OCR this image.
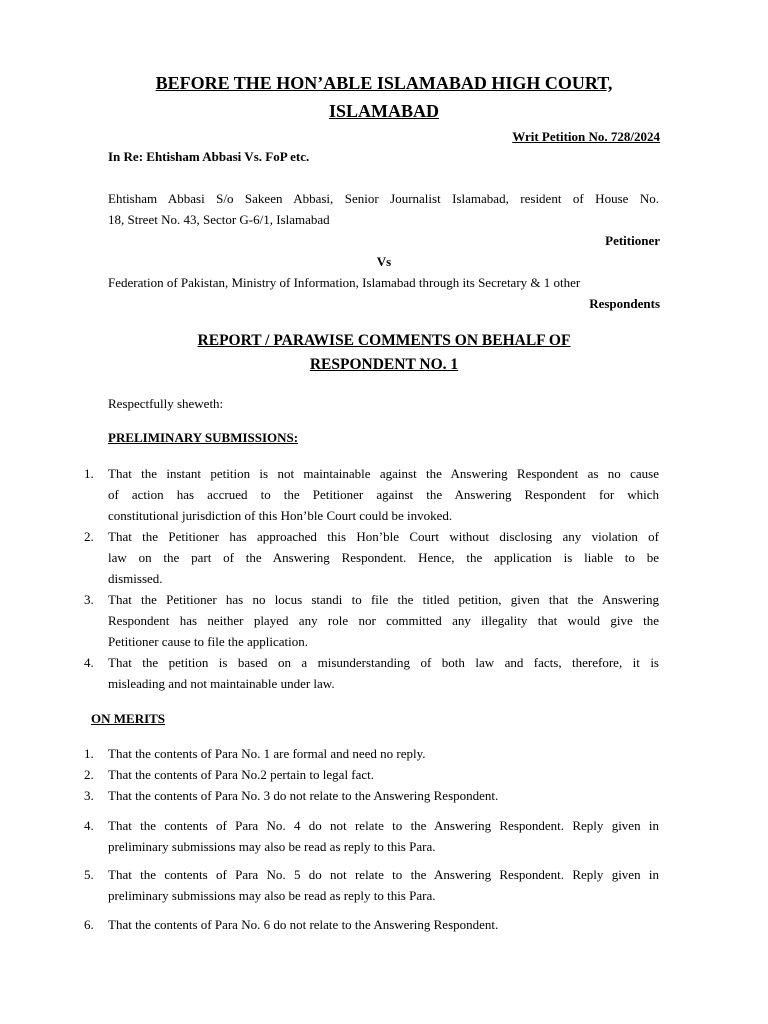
BEFORE THE HON’ABLE ISLAMABAD HIGH COURT,
ISLAMABAD
Writ Petition No. 728/2024
In Re: Ehtisham Abbasi Vs. FoP etc.
Ehtisham Abbasi S/o Sakeen Abbasi, Senior Journalist Islamabad, resident of House No.
18, Street No. 43, Sector G-6/1, Islamabad
Petitioner
Vs
Federation of Pakistan, Ministry of Information, Islamabad through its Secretary & 1 other
Respondents
REPORT / PARAWISE COMMENTS ON BEHALF OF
RESPONDENT NO. 1
Respectfully sheweth:
PRELIMINARY SUBMISSIONS:
1. That the instant petition is not maintainable against the Answering Respondent as no cause
of action has accrued to the Petitioner against the Answering Respondent for which
constitutional jurisdiction of this Hon’ble Court could be invoked.
2. That the Petitioner has approached this Hon’ble Court without disclosing any violation of
law on the part of the Answering Respondent. Hence, the application is liable to be
dismissed.
3. That the Petitioner has no locus standi to file the titled petition, given that the Answering
Respondent has neither played any role nor committed any illegality that would give the
Petitioner cause to file the application.
4. That the petition is based on a misunderstanding of both law and facts, therefore, it is
misleading and not maintainable under law.
ON MERITS
1. That the contents of Para No. 1 are formal and need no reply.
2. That the contents of Para No.2 pertain to legal fact.
3. That the contents of Para No. 3 do not relate to the Answering Respondent.
4. That the contents of Para No. 4 do not relate to the Answering Respondent. Reply given in
preliminary submissions may also be read as reply to this Para.
5. That the contents of Para No. 5 do not relate to the Answering Respondent. Reply given in
preliminary submissions may also be read as reply to this Para.
6. That the contents of Para No. 6 do not relate to the Answering Respondent.
